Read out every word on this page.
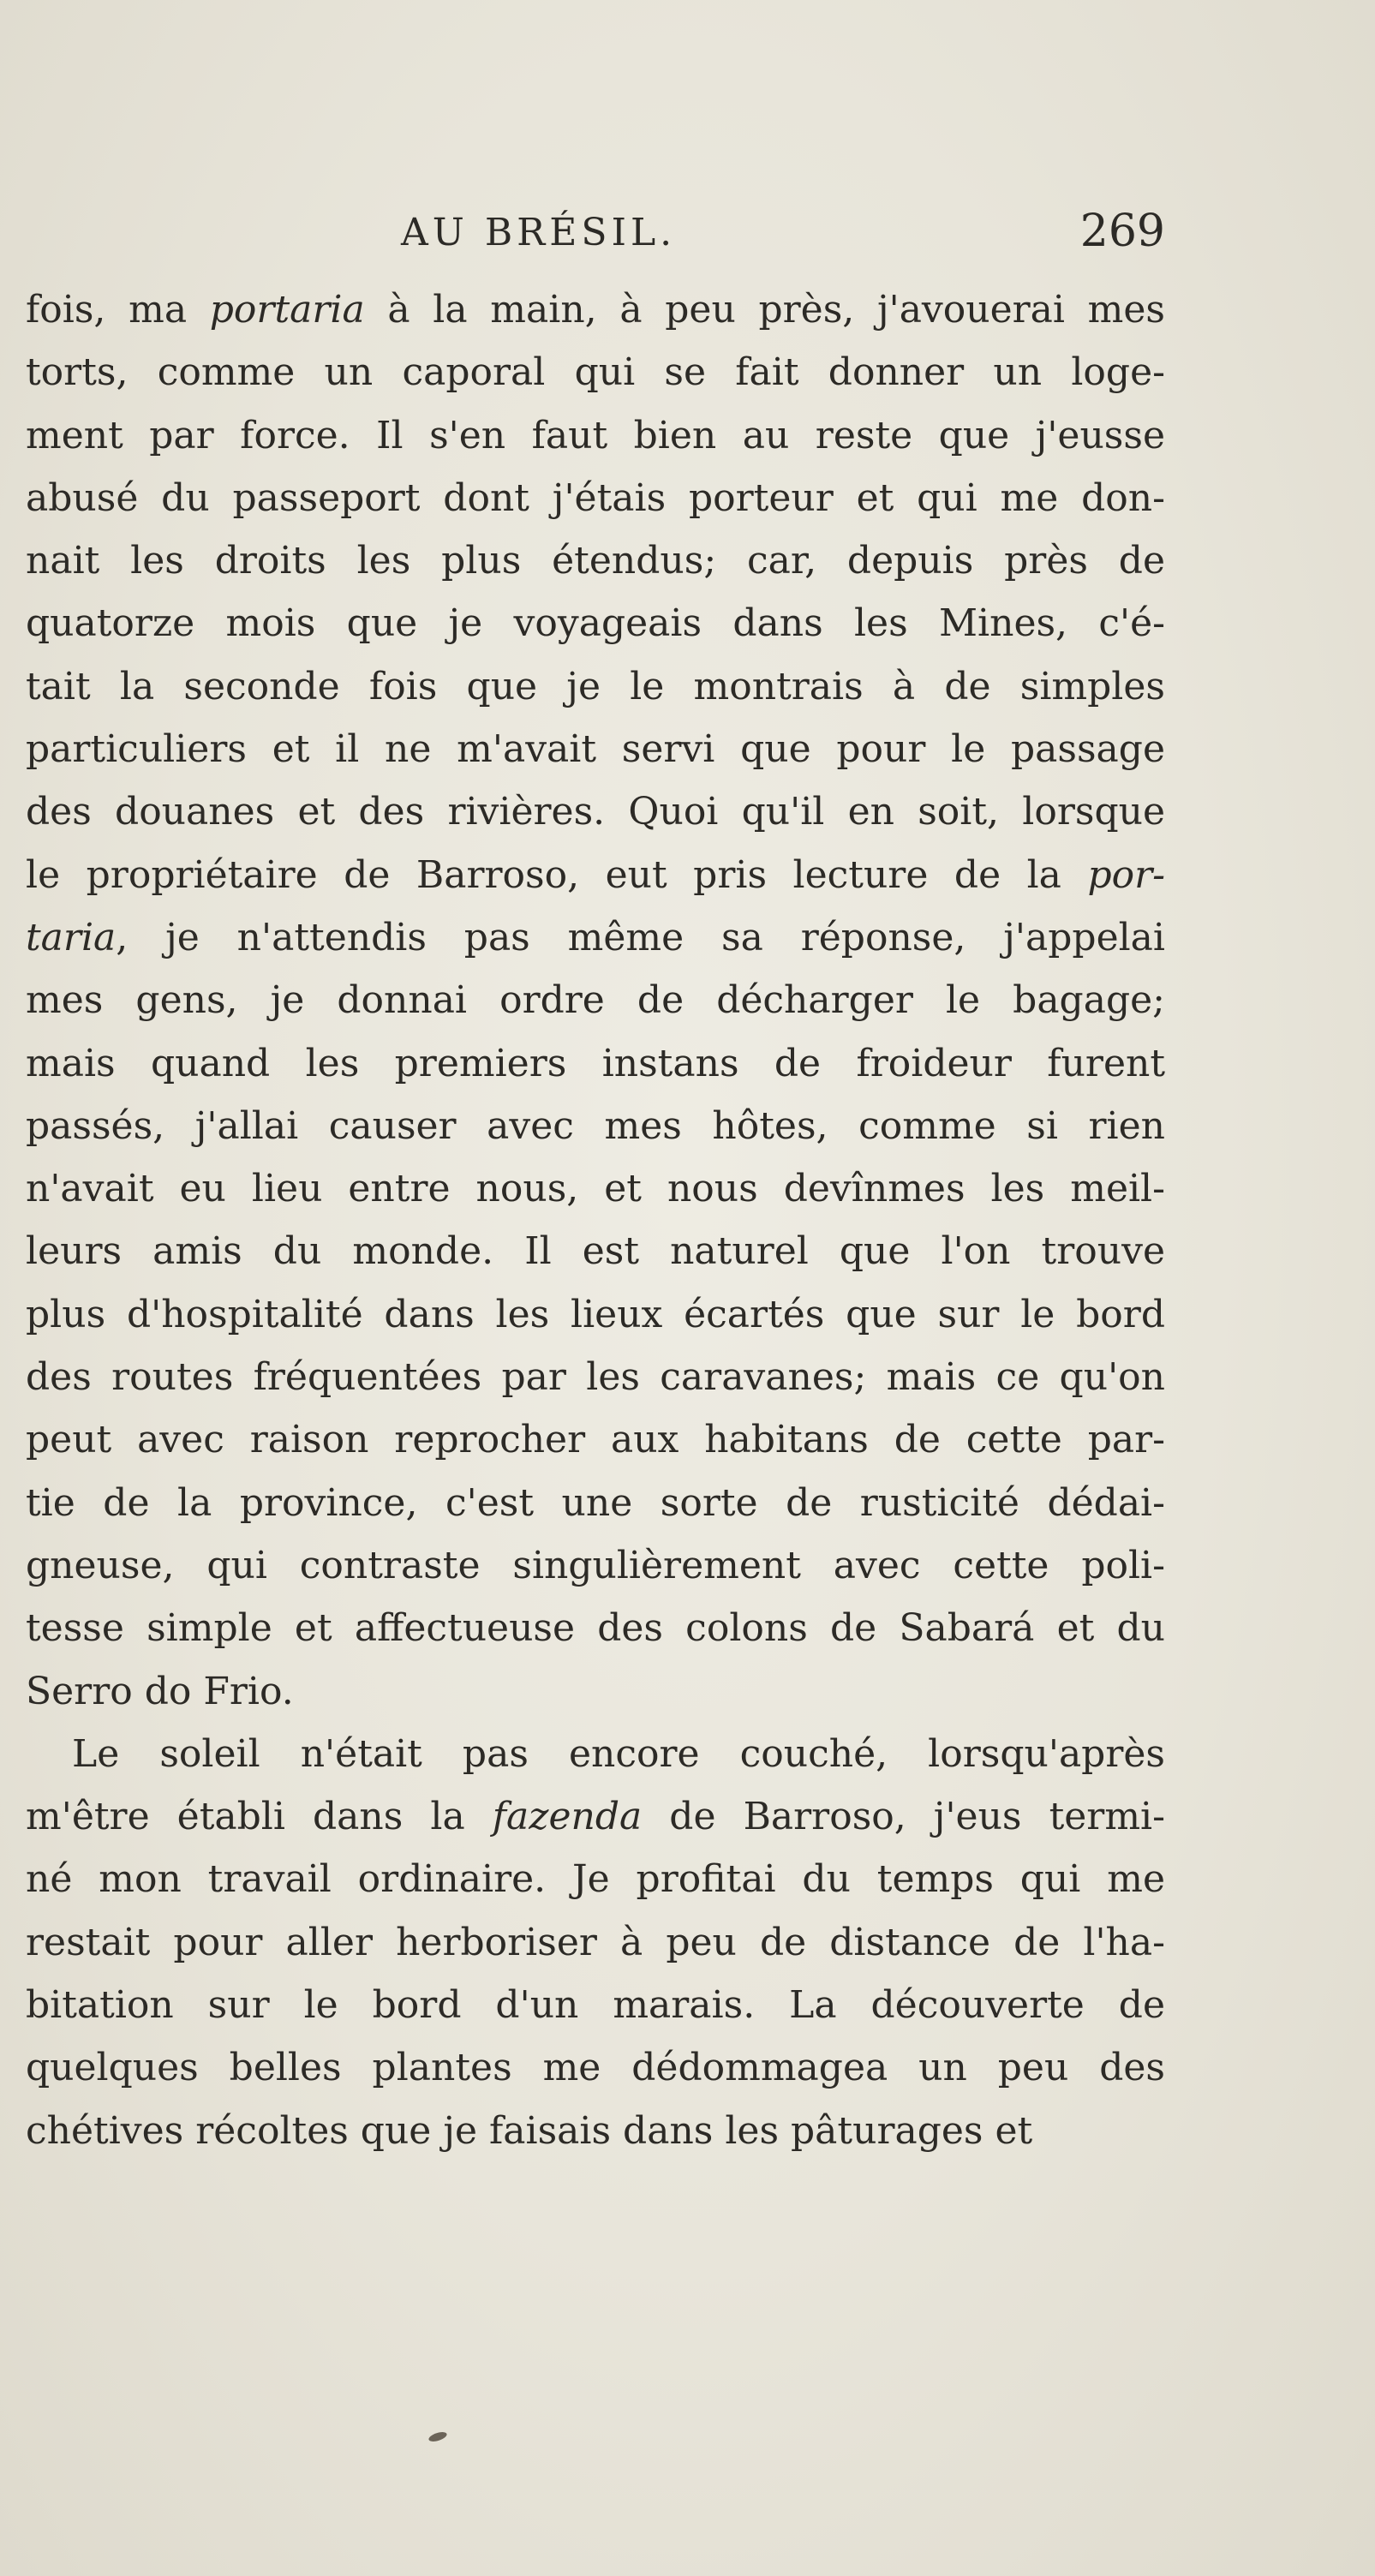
AU BRÉSIL.	269
fois, ma portaria à la main, à peu près, j'avouerai mes
torts, comme un caporal qui se fait donner un loge-
ment par force. Il s'en faut bien au reste que j'eusse
abusé du passeport dont j'étais porteur et qui me don-
nait les droits les plus étendus; car, depuis près de
quatorze mois que je voyageais dans les Mines, c'é-
tait la seconde fois que je le montrais à de simples
particuliers et il ne m'avait servi que pour le passage
des douanes et des rivières. Quoi qu'il en soit, lorsque
le propriétaire de Barroso, eut pris lecture de la por-
taria, je n'attendis pas même sa réponse, j'appelai
mes gens, je donnai ordre de décharger le bagage;
mais quand les premiers instans de froideur furent
passés, j'allai causer avec mes hôtes, comme si rien
n'avait eu lieu entre nous, et nous devînmes les meil-
leurs amis du monde. Il est naturel que l'on trouve
plus d'hospitalité dans les lieux écartés que sur le bord
des routes fréquentées par les caravanes; mais ce qu'on
peut avec raison reprocher aux habitans de cette par-
tie de la province, c'est une sorte de rusticité dédai-
gneuse, qui contraste singulièrement avec cette poli-
tesse simple et affectueuse des colons de Sabará et du
Serro do Frio.
Le soleil n'était pas encore couché, lorsqu'après
m'être établi dans la fazenda de Barroso, j'eus termi-
né mon travail ordinaire. Je profitai du temps qui me
restait pour aller herboriser à peu de distance de l'ha-
bitation sur le bord d'un marais. La découverte de
quelques belles plantes me dédommagea un peu des
chétives récoltes que je faisais dans les pâturages et
